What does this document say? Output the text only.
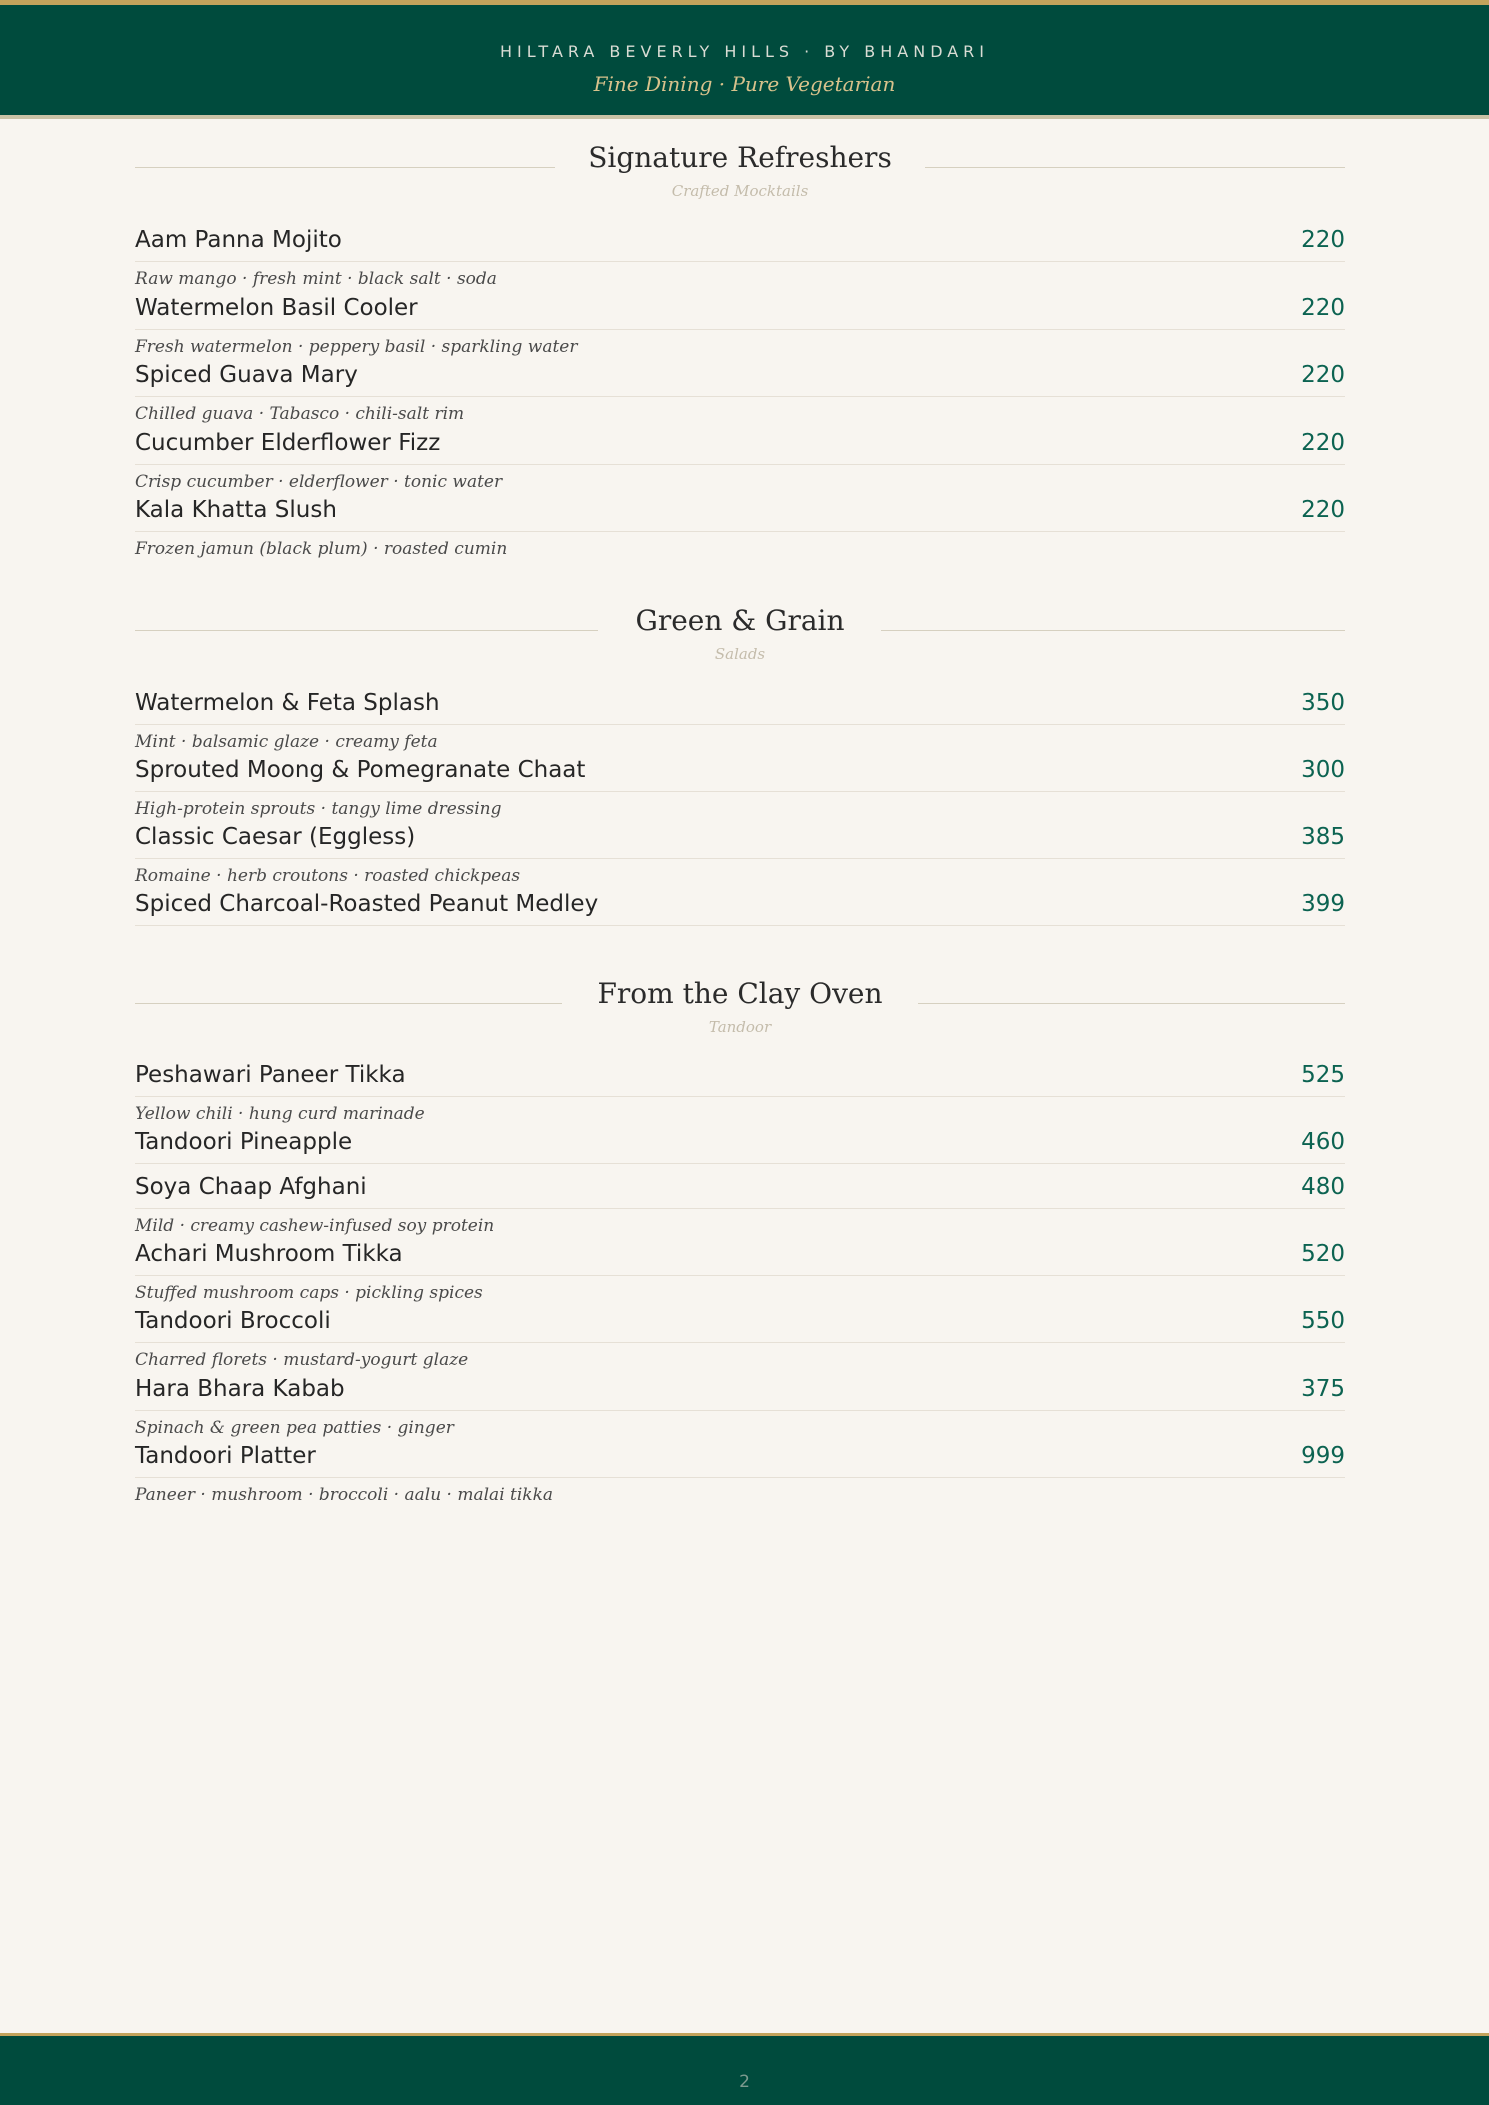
HILTARA BEVERLY HILLS · BY BHANDARI
Fine Dining · Pure Vegetarian
Signature Refreshers
Crafted Mocktails
Aam Panna Mojito	220
Raw mango · fresh mint · black salt · soda
Watermelon Basil Cooler	220
Fresh watermelon · peppery basil · sparkling water
Spiced Guava Mary	220
Chilled guava · Tabasco · chili-salt rim
Cucumber Elderflower Fizz	220
Crisp cucumber · elderflower · tonic water
Kala Khatta Slush	220
Frozen jamun (black plum) · roasted cumin
Green & Grain
Salads
Watermelon & Feta Splash	350
Mint · balsamic glaze · creamy feta
Sprouted Moong & Pomegranate Chaat	300
High-protein sprouts · tangy lime dressing
Classic Caesar (Eggless)	385
Romaine · herb croutons · roasted chickpeas
Spiced Charcoal-Roasted Peanut Medley	399
From the Clay Oven
Tandoor
Peshawari Paneer Tikka	525
Yellow chili · hung curd marinade
Tandoori Pineapple	460
Soya Chaap Afghani	480
Mild · creamy cashew-infused soy protein
Achari Mushroom Tikka	520
Stuffed mushroom caps · pickling spices
Tandoori Broccoli	550
Charred florets · mustard-yogurt glaze
Hara Bhara Kabab	375
Spinach & green pea patties · ginger
Tandoori Platter	999
Paneer · mushroom · broccoli · aalu · malai tikka
2
